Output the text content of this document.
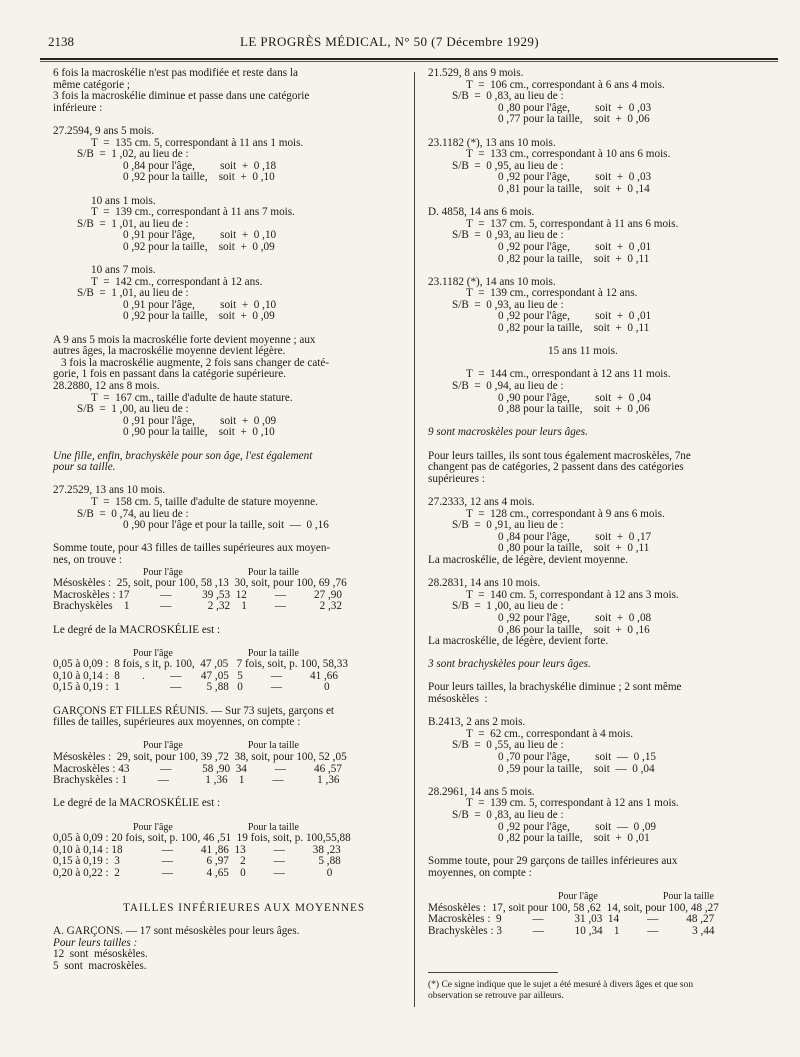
2138	LE PROGRÈS MÉDICAL, N° 50 (7 Décembre 1929)
6 fois la macroskélie n'est pas modifiée et reste dans la
même catégorie ;
3 fois la macroskélie diminue et passe dans une catégorie
inférieure :
27.2594, 9 ans 5 mois.
T  =  135 cm. 5, correspondant à 11 ans 1 mois.
S/B  =  1 ,02, au lieu de :
0 ,84 pour l'âge,         soit  +  0 ,18
0 ,92 pour la taille,    soit  +  0 ,10
10 ans 1 mois.
T  =  139 cm., correspondant à 11 ans 7 mois.
S/B  =  1 ,01, au lieu de :
0 ,91 pour l'âge,         soit  +  0 ,10
0 ,92 pour la taille,    soit  +  0 ,09
10 ans 7 mois.
T  =  142 cm., correspondant à 12 ans.
S/B  =  1 ,01, au lieu de :
0 ,91 pour l'âge,         soit  +  0 ,10
0 ,92 pour la taille,    soit  +  0 ,09
A 9 ans 5 mois la macroskélie forte devient moyenne ; aux
autres âges, la macroskélie moyenne devient légère.
3 fois la macroskélie augmente, 2 fois sans changer de caté-
gorie, 1 fois en passant dans la catégorie supérieure.
28.2880, 12 ans 8 mois.
T  =  167 cm., taille d'adulte de haute stature.
S/B  =  1 ,00, au lieu de :
0 ,91 pour l'âge,         soit  +  0 ,09
0 ,90 pour la taille,    soit  +  0 ,10
Une fille, enfin, brachyskèle pour son âge, l'est également
pour sa taille.
27.2529, 13 ans 10 mois.
T  =  158 cm. 5, taille d'adulte de stature moyenne.
S/B  =  0 ,74, au lieu de :
0 ,90 pour l'âge et pour la taille, soit  —  0 ,16
Somme toute, pour 43 filles de tailles supérieures aux moyen-
nes, on trouve :
Pour l'âge                          Pour la taille
Mésoskèles :  25, soit, pour 100, 58 ,13  30, soit, pour 100, 69 ,76
Macroskèles : 17           —           39 ,53  12          —          27 ,90
Brachyskèles    1           —             2 ,32    1          —            2 ,32
Le degré de la MACROSKÉLIE est :
Pour l'âge                              Pour la taille
0,05 à 0,09 :  8 fois, s it, p. 100,  47 ,05   7 fois, soit, p. 100, 58,33
0,10 à 0,14 :  8        .         —       47 ,05   5          —          41 ,66
0,15 à 0,19 :  1                  —         5 ,88   0          —               0
GARÇONS ET FILLES RÉUNIS. — Sur 73 sujets, garçons et
filles de tailles, supérieures aux moyennes, on compte :
Pour l'âge                          Pour la taille
Mésoskèles :  29, soit, pour 100, 39 ,72  38, soit, pour 100, 52 ,05
Macroskèles : 43           —           58 ,90  34          —          46 ,57
Brachyskèles : 1           —             1 ,36    1          —            1 ,36
Le degré de la MACROSKÉLIE est :
Pour l'âge                              Pour la taille
0,05 à 0,09 : 20 fois, soit, p. 100, 46 ,51  19 fois, soit, p. 100,55,88
0,10 à 0,14 : 18              —          41 ,86  13          —          38 ,23
0,15 à 0,19 :  3               —            6 ,97    2          —            5 ,88
0,20 à 0,22 :  2               —            4 ,65    0          —               0
TAILLES INFÉRIEURES AUX MOYENNES
A. GARÇONS. — 17 sont mésoskèles pour leurs âges.
Pour leurs tailles :
12  sont  mésoskèles.
5  sont  macroskèles.
21.529, 8 ans 9 mois.
T  =  106 cm., correspondant à 6 ans 4 mois.
S/B  =  0 ,83, au lieu de :
0 ,80 pour l'âge,         soit  +  0 ,03
0 ,77 pour la taille,    soit  +  0 ,06
23.1182 (*), 13 ans 10 mois.
T  =  133 cm., correspondant à 10 ans 6 mois.
S/B  =  0 ,95, au lieu de :
0 ,92 pour l'âge,         soit  +  0 ,03
0 ,81 pour la taille,    soit  +  0 ,14
D. 4858, 14 ans 6 mois.
T  =  137 cm. 5, correspondant à 11 ans 6 mois.
S/B  =  0 ,93, au lieu de :
0 ,92 pour l'âge,         soit  +  0 ,01
0 ,82 pour la taille,    soit  +  0 ,11
23.1182 (*), 14 ans 10 mois.
T  =  139 cm., correspondant à 12 ans.
S/B  =  0 ,93, au lieu de :
0 ,92 pour l'âge,         soit  +  0 ,01
0 ,82 pour la taille,    soit  +  0 ,11
15 ans 11 mois.
T  =  144 cm., orrespondant à 12 ans 11 mois.
S/B  =  0 ,94, au lieu de :
0 ,90 pour l'âge,         soit  +  0 ,04
0 ,88 pour la taille,    soit  +  0 ,06
9 sont macroskèles pour leurs âges.
Pour leurs tailles, ils sont tous également macroskèles, 7ne
changent pas de catégories, 2 passent dans des catégories
supérieures :
27.2333, 12 ans 4 mois.
T  =  128 cm., correspondant à 9 ans 6 mois.
S/B  =  0 ,91, au lieu de :
0 ,84 pour l'âge,         soit  +  0 ,17
0 ,80 pour la taille,    soit  +  0 ,11
La macroskélie, de légère, devient moyenne.
28.2831, 14 ans 10 mois.
T  =  140 cm. 5, correspondant à 12 ans 3 mois.
S/B  =  1 ,00, au lieu de :
0 ,92 pour l'âge,         soit  +  0 ,08
0 ,86 pour la taille,    soit  +  0 ,16
La macroskélie, de légère, devient forte.
3 sont brachyskèles pour leurs âges.
Pour leurs tailles, la brachyskélie diminue ; 2 sont même
mésoskèles  :
B.2413, 2 ans 2 mois.
T  =  62 cm., correspondant à 4 mois.
S/B  =  0 ,55, au lieu de :
0 ,70 pour l'âge,         soit  —  0 ,15
0 ,59 pour la taille,    soit  —  0 ,04
28.2961, 14 ans 5 mois.
T  =  139 cm. 5, correspondant à 12 ans 1 mois.
S/B  =  0 ,83, au lieu de :
0 ,92 pour l'âge,         soit  —  0 ,09
0 ,82 pour la taille,    soit  +  0 ,01
Somme toute, pour 29 garçons de tailles inférieures aux
moyennes, on compte :
Pour l'âge                          Pour la taille
Mésoskèles :  17, soit pour 100, 58 ,62  14, soit, pour 100, 48 ,27
Macroskèles :  9           —           31 ,03  14          —          48 ,27
Brachyskèles : 3           —           10 ,34    1          —            3 ,44
(*) Ce signe indique que le sujet a été mesuré à divers âges et que son
observation se retrouve par ailleurs.
